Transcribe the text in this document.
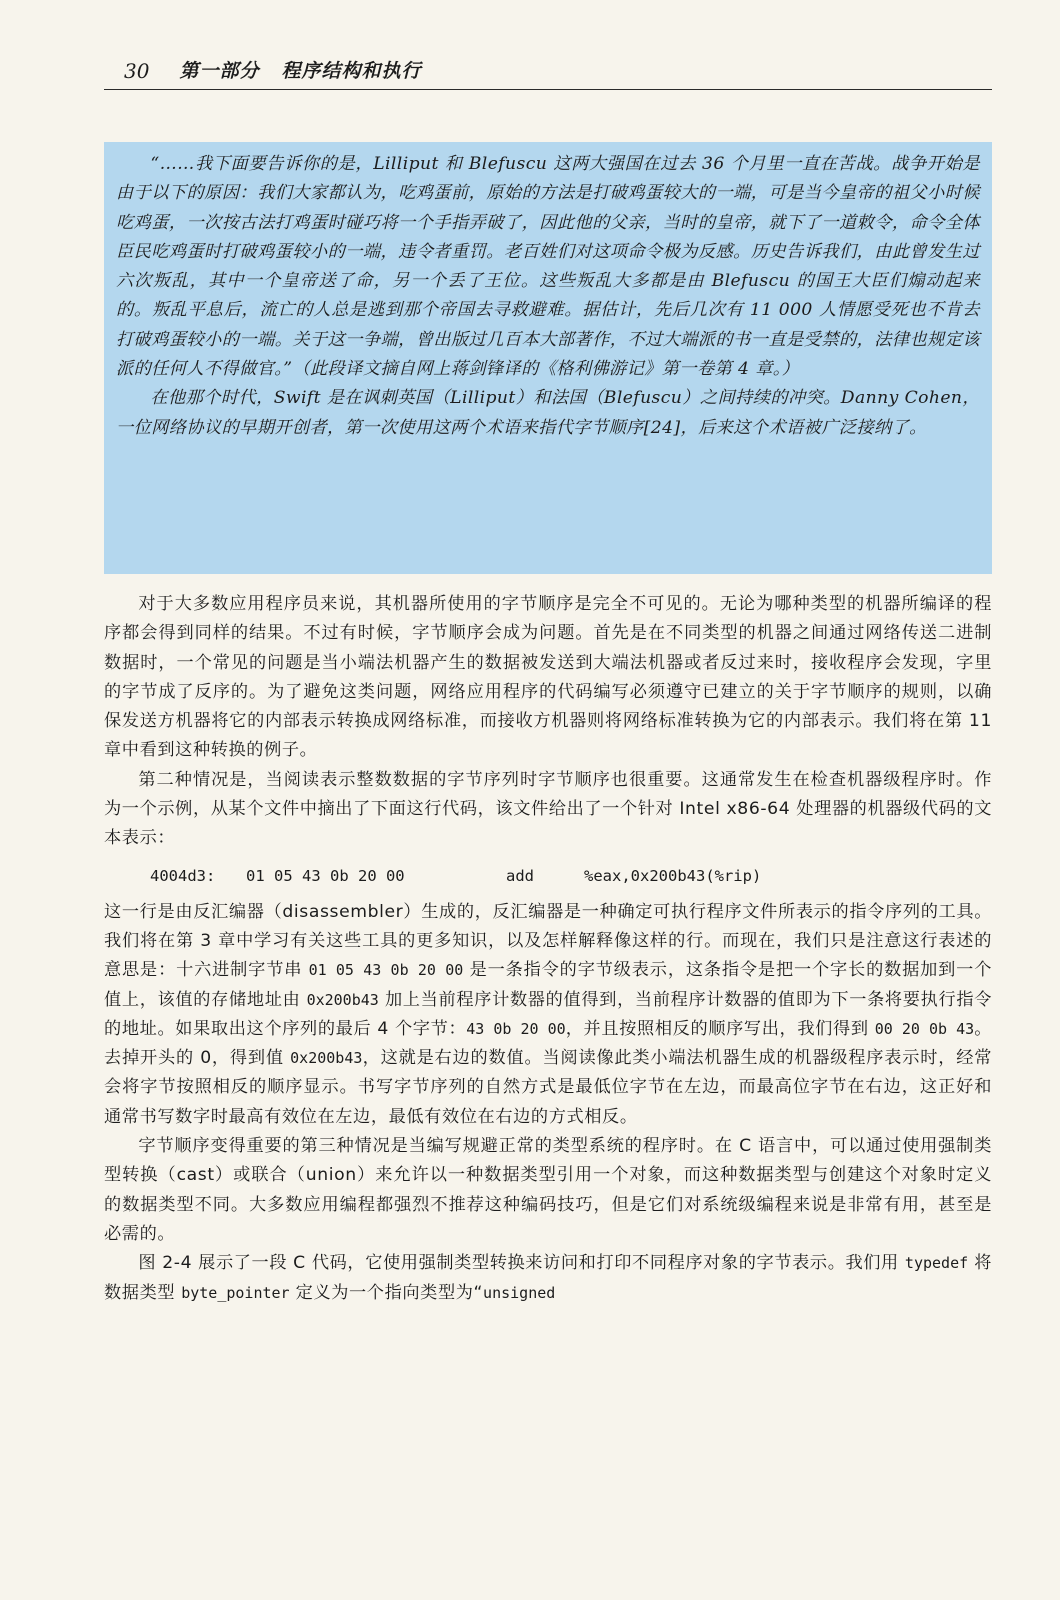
30 第一部分 程序结构和执行

“……我下面要告诉你的是，Lilliput 和 Blefuscu 这两大强国在过去 36 个月里一直在苦战。战争开始是由于以下的原因：我们大家都认为，吃鸡蛋前，原始的方法是打破鸡蛋较大的一端，可是当今皇帝的祖父小时候吃鸡蛋，一次按古法打鸡蛋时碰巧将一个手指弄破了，因此他的父亲，当时的皇帝，就下了一道敕令，命令全体臣民吃鸡蛋时打破鸡蛋较小的一端，违令者重罚。老百姓们对这项命令极为反感。历史告诉我们，由此曾发生过六次叛乱，其中一个皇帝送了命，另一个丢了王位。这些叛乱大多都是由 Blefuscu 的国王大臣们煽动起来的。叛乱平息后，流亡的人总是逃到那个帝国去寻救避难。据估计，先后几次有 11 000 人情愿受死也不肯去打破鸡蛋较小的一端。关于这一争端，曾出版过几百本大部著作，不过大端派的书一直是受禁的，法律也规定该派的任何人不得做官。”（此段译文摘自网上蒋剑锋译的《格利佛游记》第一卷第 4 章。）

在他那个时代，Swift 是在讽刺英国（Lilliput）和法国（Blefuscu）之间持续的冲突。Danny Cohen，一位网络协议的早期开创者，第一次使用这两个术语来指代字节顺序[24]，后来这个术语被广泛接纳了。

对于大多数应用程序员来说，其机器所使用的字节顺序是完全不可见的。无论为哪种类型的机器所编译的程序都会得到同样的结果。不过有时候，字节顺序会成为问题。首先是在不同类型的机器之间通过网络传送二进制数据时，一个常见的问题是当小端法机器产生的数据被发送到大端法机器或者反过来时，接收程序会发现，字里的字节成了反序的。为了避免这类问题，网络应用程序的代码编写必须遵守已建立的关于字节顺序的规则，以确保发送方机器将它的内部表示转换成网络标准，而接收方机器则将网络标准转换为它的内部表示。我们将在第 11 章中看到这种转换的例子。

第二种情况是，当阅读表示整数数据的字节序列时字节顺序也很重要。这通常发生在检查机器级程序时。作为一个示例，从某个文件中摘出了下面这行代码，该文件给出了一个针对 Intel x86-64 处理器的机器级代码的文本表示：

4004d3:	01 05 43 0b 20 00	add	%eax,0x200b43(%rip)

这一行是由反汇编器（disassembler）生成的，反汇编器是一种确定可执行程序文件所表示的指令序列的工具。我们将在第 3 章中学习有关这些工具的更多知识，以及怎样解释像这样的行。而现在，我们只是注意这行表述的意思是：十六进制字节串 01 05 43 0b 20 00 是一条指令的字节级表示，这条指令是把一个字长的数据加到一个值上，该值的存储地址由 0x200b43 加上当前程序计数器的值得到，当前程序计数器的值即为下一条将要执行指令的地址。如果取出这个序列的最后 4 个字节：43 0b 20 00，并且按照相反的顺序写出，我们得到 00 20 0b 43。去掉开头的 0，得到值 0x200b43，这就是右边的数值。当阅读像此类小端法机器生成的机器级程序表示时，经常会将字节按照相反的顺序显示。书写字节序列的自然方式是最低位字节在左边，而最高位字节在右边，这正好和通常书写数字时最高有效位在左边，最低有效位在右边的方式相反。

字节顺序变得重要的第三种情况是当编写规避正常的类型系统的程序时。在 C 语言中，可以通过使用强制类型转换（cast）或联合（union）来允许以一种数据类型引用一个对象，而这种数据类型与创建这个对象时定义的数据类型不同。大多数应用编程都强烈不推荐这种编码技巧，但是它们对系统级编程来说是非常有用，甚至是必需的。

图 2-4 展示了一段 C 代码，它使用强制类型转换来访问和打印不同程序对象的字节表示。我们用 typedef 将数据类型 byte_pointer 定义为一个指向类型为“unsigned
